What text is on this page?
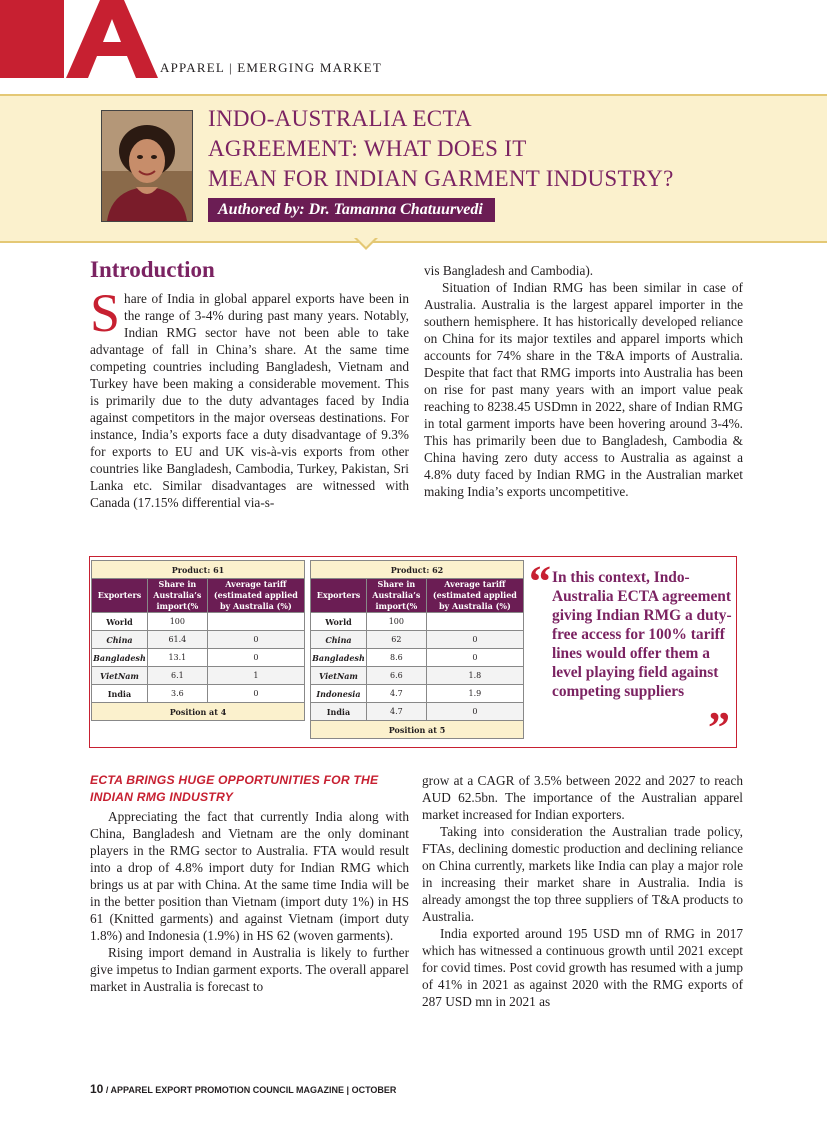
APPAREL | EMERGING MARKET
INDO-AUSTRALIA ECTA
AGREEMENT: WHAT DOES IT
MEAN FOR INDIAN GARMENT INDUSTRY?
Authored by: Dr. Tamanna Chatuurvedi
Introduction

Share of India in global apparel exports have been in the range of 3-4% during past many years. Notably, Indian RMG sector have not been able to take advantage of fall in China’s share. At the same time competing countries including Bangladesh, Vietnam and Turkey have been making a considerable movement. This is primarily due to the duty advantages faced by India against competitors in the major overseas destinations. For instance, India’s exports face a duty disadvantage of 9.3% for exports to EU and UK vis-à-vis exports from other countries like Bangladesh, Cambodia, Turkey, Pakistan, Sri Lanka etc. Similar disadvantages are witnessed with Canada (17.15% differential via-s-

vis Bangladesh and Cambodia).

Situation of Indian RMG has been similar in case of Australia. Australia is the largest apparel importer in the southern hemisphere. It has historically developed reliance on China for its major textiles and apparel imports which accounts for 74% share in the T&A imports of Australia. Despite that fact that RMG imports into Australia has been on rise for past many years with an import value peak reaching to 8238.45 USDmn in 2022, share of Indian RMG in total garment imports have been hovering around 3-4%. This has primarily been due to Bangladesh, Cambodia & China having zero duty access to Australia as against a 4.8% duty faced by Indian RMG in the Australian market making India’s exports uncompetitive.

Product: 61		
Exporters	Share in Australia’s import(%	Average tariff (estimated applied by Australia (%)
World	100	
China	61.4	0
Bangladesh	13.1	0
VietNam	6.1	1
India	3.6	0
Position at 4		
Product: 62		
Exporters	Share in Australia’s import(%	Average tariff (estimated applied by Australia (%)
World	100	
China	62	0
Bangladesh	8.6	0
VietNam	6.6	1.8
Indonesia	4.7	1.9
India	4.7	0
Position at 5		
“ In this context, Indo-Australia ECTA agreement giving Indian RMG a duty-free access for 100% tariff lines would offer them a level playing field against competing suppliers
”
ECTA BRINGS HUGE OPPORTUNITIES FOR THE INDIAN RMG INDUSTRY

Appreciating the fact that currently India along with China, Bangladesh and Vietnam are the only dominant players in the RMG sector to Australia. FTA would result into a drop of 4.8% import duty for Indian RMG which brings us at par with China. At the same time India will be in the better position than Vietnam (import duty 1%) in HS 61 (Knitted garments) and against Vietnam (import duty 1.8%) and Indonesia (1.9%) in HS 62 (woven garments).

Rising import demand in Australia is likely to further give impetus to Indian garment exports. The overall apparel market in Australia is forecast to

grow at a CAGR of 3.5% between 2022 and 2027 to reach AUD 62.5bn. The importance of the Australian apparel market increased for Indian exporters.

Taking into consideration the Australian trade policy, FTAs, declining domestic production and declining reliance on China currently, markets like India can play a major role in increasing their market share in Australia. India is already amongst the top three suppliers of T&A products to Australia.

India exported around 195 USD mn of RMG in 2017 which has witnessed a continuous growth until 2021 except for covid times. Post covid growth has resumed with a jump of 41% in 2021 as against 2020 with the RMG exports of 287 USD mn in 2021 as

10 / APPAREL EXPORT PROMOTION COUNCIL MAGAZINE | OCTOBER
